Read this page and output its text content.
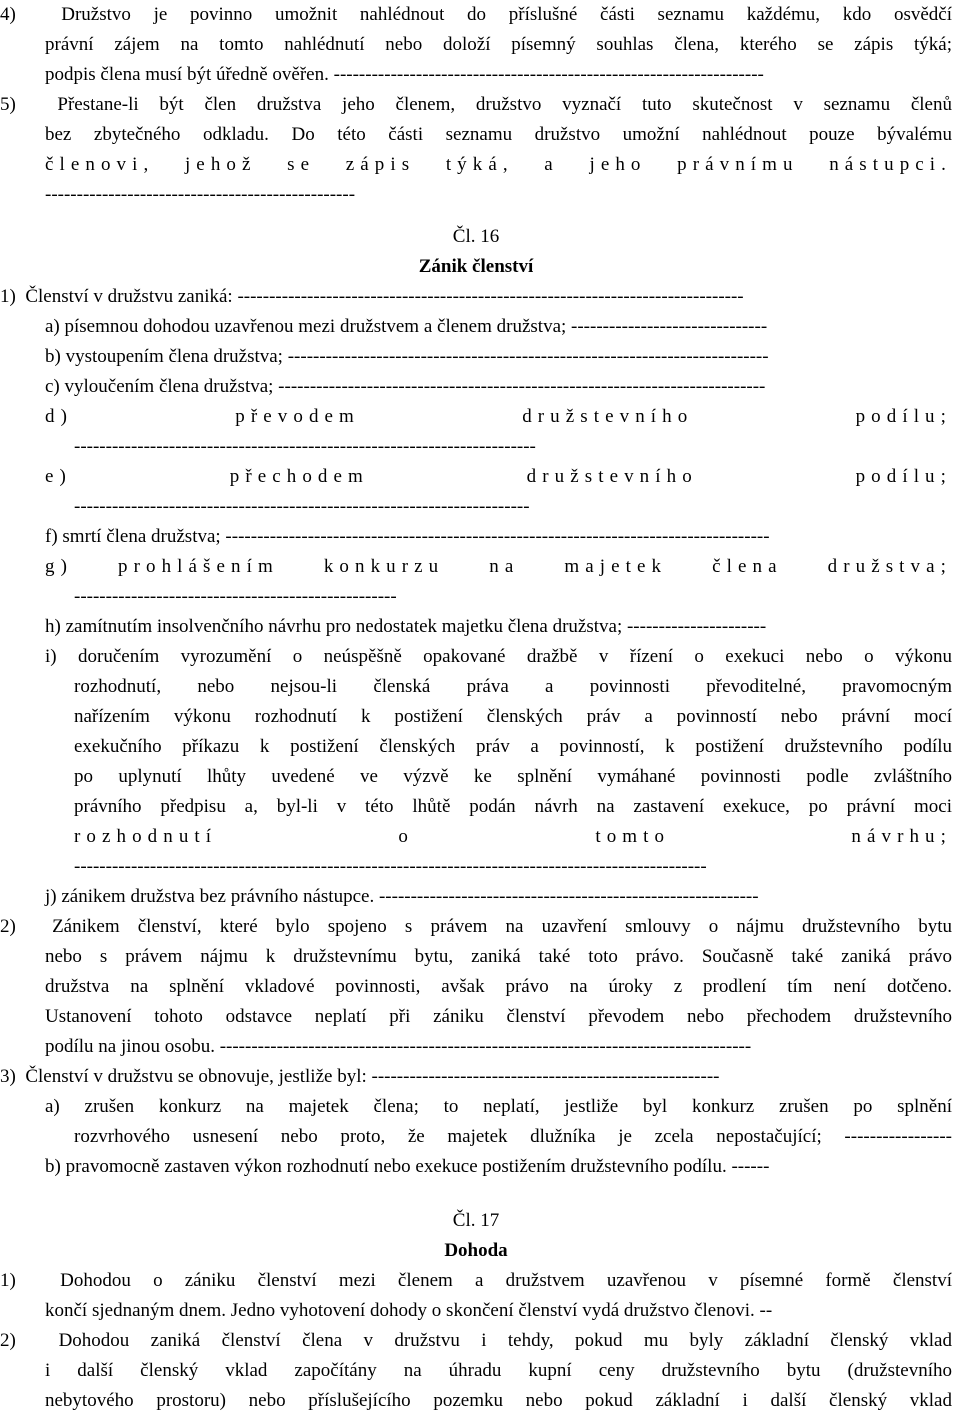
4)  Družstvo je povinno umožnit nahlédnout do příslušné části seznamu každému, kdo osvědčí
právní zájem na tomto nahlédnutí nebo doloží písemný souhlas člena, kterého se zápis týká;
podpis člena musí být úředně ověřen. --------------------------------------------------------------------
5)  Přestane-li být člen družstva jeho členem, družstvo vyznačí tuto skutečnost v seznamu členů
bez zbytečného odkladu. Do této části seznamu družstvo umožní nahlédnout pouze bývalému
členovi, jehož se zápis týká, a jeho právnímu nástupci.
-------------------------------------------------
Čl. 16
Zánik členství
1)  Členství v družstvu zaniká: --------------------------------------------------------------------------------
a) písemnou dohodou uzavřenou mezi družstvem a členem družstva; -------------------------------
b) vystoupením člena družstva; ----------------------------------------------------------------------------
c) vyloučením člena družstva; -----------------------------------------------------------------------------
d) převodem družstevního podílu;
-------------------------------------------------------------------------
e) přechodem družstevního podílu;
------------------------------------------------------------------------
f) smrtí člena družstva; --------------------------------------------------------------------------------------
g) prohlášením konkurzu na majetek člena družstva;
---------------------------------------------------
h) zamítnutím insolvenčního návrhu pro nedostatek majetku člena družstva; ----------------------
i) doručením vyrozumění o neúspěšně opakované dražbě v řízení o exekuci nebo o výkonu
rozhodnutí, nebo nejsou-li členská práva a povinnosti převoditelné, pravomocným
nařízením výkonu rozhodnutí k postižení členských práv a povinností nebo právní mocí
exekučního příkazu k postižení členských práv a povinností, k postižení družstevního podílu
po uplynutí lhůty uvedené ve výzvě ke splnění vymáhané povinnosti podle zvláštního
právního předpisu a, byl-li v této lhůtě podán návrh na zastavení exekuce, po právní moci
rozhodnutí o tomto návrhu;
----------------------------------------------------------------------------------------------------
j) zánikem družstva bez právního nástupce. ------------------------------------------------------------
2)  Zánikem členství, které bylo spojeno s právem na uzavření smlouvy o nájmu družstevního bytu
nebo s právem nájmu k družstevnímu bytu, zaniká také toto právo. Současně také zaniká právo
družstva na splnění vkladové povinnosti, avšak právo na úroky z prodlení tím není dotčeno.
Ustanovení tohoto odstavce neplatí při zániku členství převodem nebo přechodem družstevního
podílu na jinou osobu. ------------------------------------------------------------------------------------
3)  Členství v družstvu se obnovuje, jestliže byl: -------------------------------------------------------
a) zrušen konkurz na majetek člena; to neplatí, jestliže byl konkurz zrušen po splnění
rozvrhového usnesení nebo proto, že majetek dlužníka je zcela nepostačující; -----------------
b) pravomocně zastaven výkon rozhodnutí nebo exekuce postižením družstevního podílu. ------
Čl. 17
Dohoda
1)  Dohodou o zániku členství mezi členem a družstvem uzavřenou v písemné formě členství
končí sjednaným dnem. Jedno vyhotovení dohody o skončení členství vydá družstvo členovi. --
2)  Dohodou zaniká členství člena v družstvu i tehdy, pokud mu byly základní členský vklad
i další členský vklad započítány na úhradu kupní ceny družstevního bytu (družstevního
nebytového prostoru) nebo příslušejícího pozemku nebo pokud základní i další členský vklad
